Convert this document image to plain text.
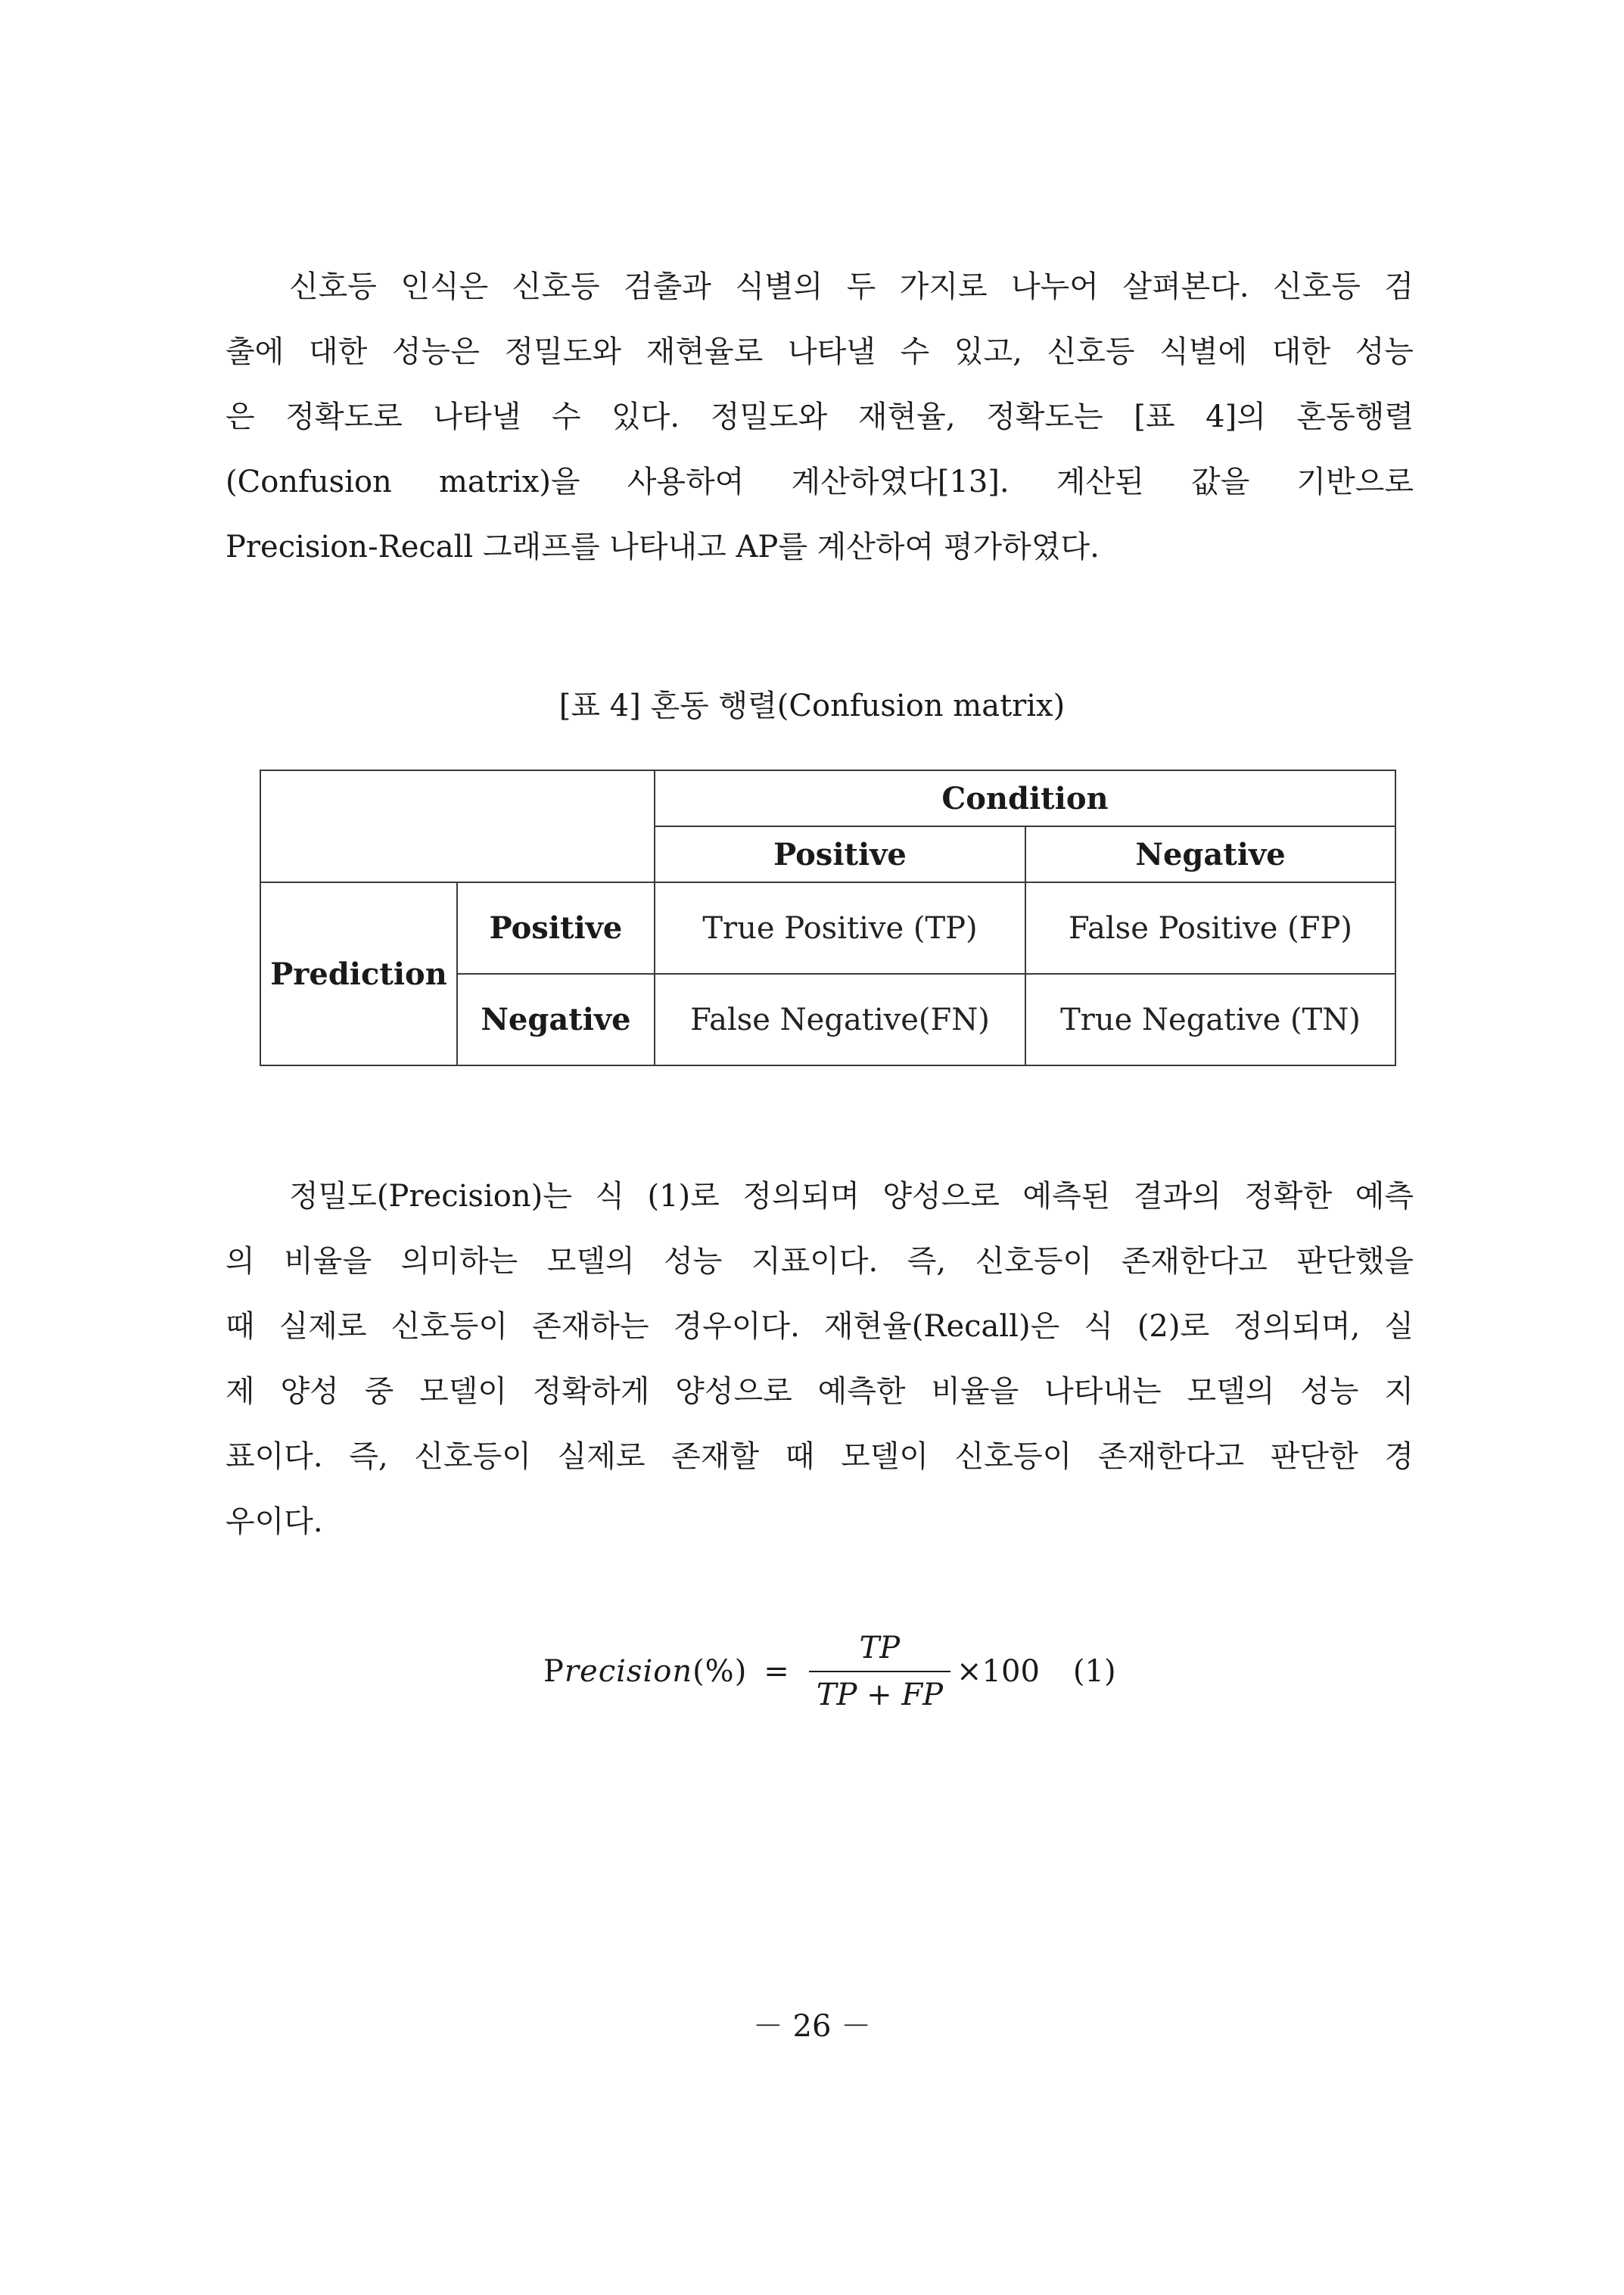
신호등 인식은 신호등 검출과 식별의 두 가지로 나누어 살펴본다. 신호등 검
출에 대한 성능은 정밀도와 재현율로 나타낼 수 있고, 신호등 식별에 대한 성능
은 정확도로 나타낼 수 있다. 정밀도와 재현율, 정확도는 [표 4]의 혼동행렬
(Confusion matrix)을 사용하여 계산하였다[13]. 계산된 값을 기반으로
Precision-Recall 그래프를 나타내고 AP를 계산하여 평가하였다.
[표 4] 혼동 행렬(Confusion matrix)
		Condition	
		Positive	Negative
Prediction	Positive	True Positive (TP)	False Positive (FP)
	Negative	False Negative(FN)	True Negative (TN)
정밀도(Precision)는 식 (1)로 정의되며 양성으로 예측된 결과의 정확한 예측
의 비율을 의미하는 모델의 성능 지표이다. 즉, 신호등이 존재한다고 판단했을
때 실제로 신호등이 존재하는 경우이다. 재현율(Recall)은 식 (2)로 정의되며, 실
제 양성 중 모델이 정확하게 양성으로 예측한 비율을 나타내는 모델의 성능 지
표이다. 즉, 신호등이 실제로 존재할 때 모델이 신호등이 존재한다고 판단한 경
우이다.
Precision(%) = $\frac{TP}{TP + FP} \times 100$ (1)
－ 26 －
